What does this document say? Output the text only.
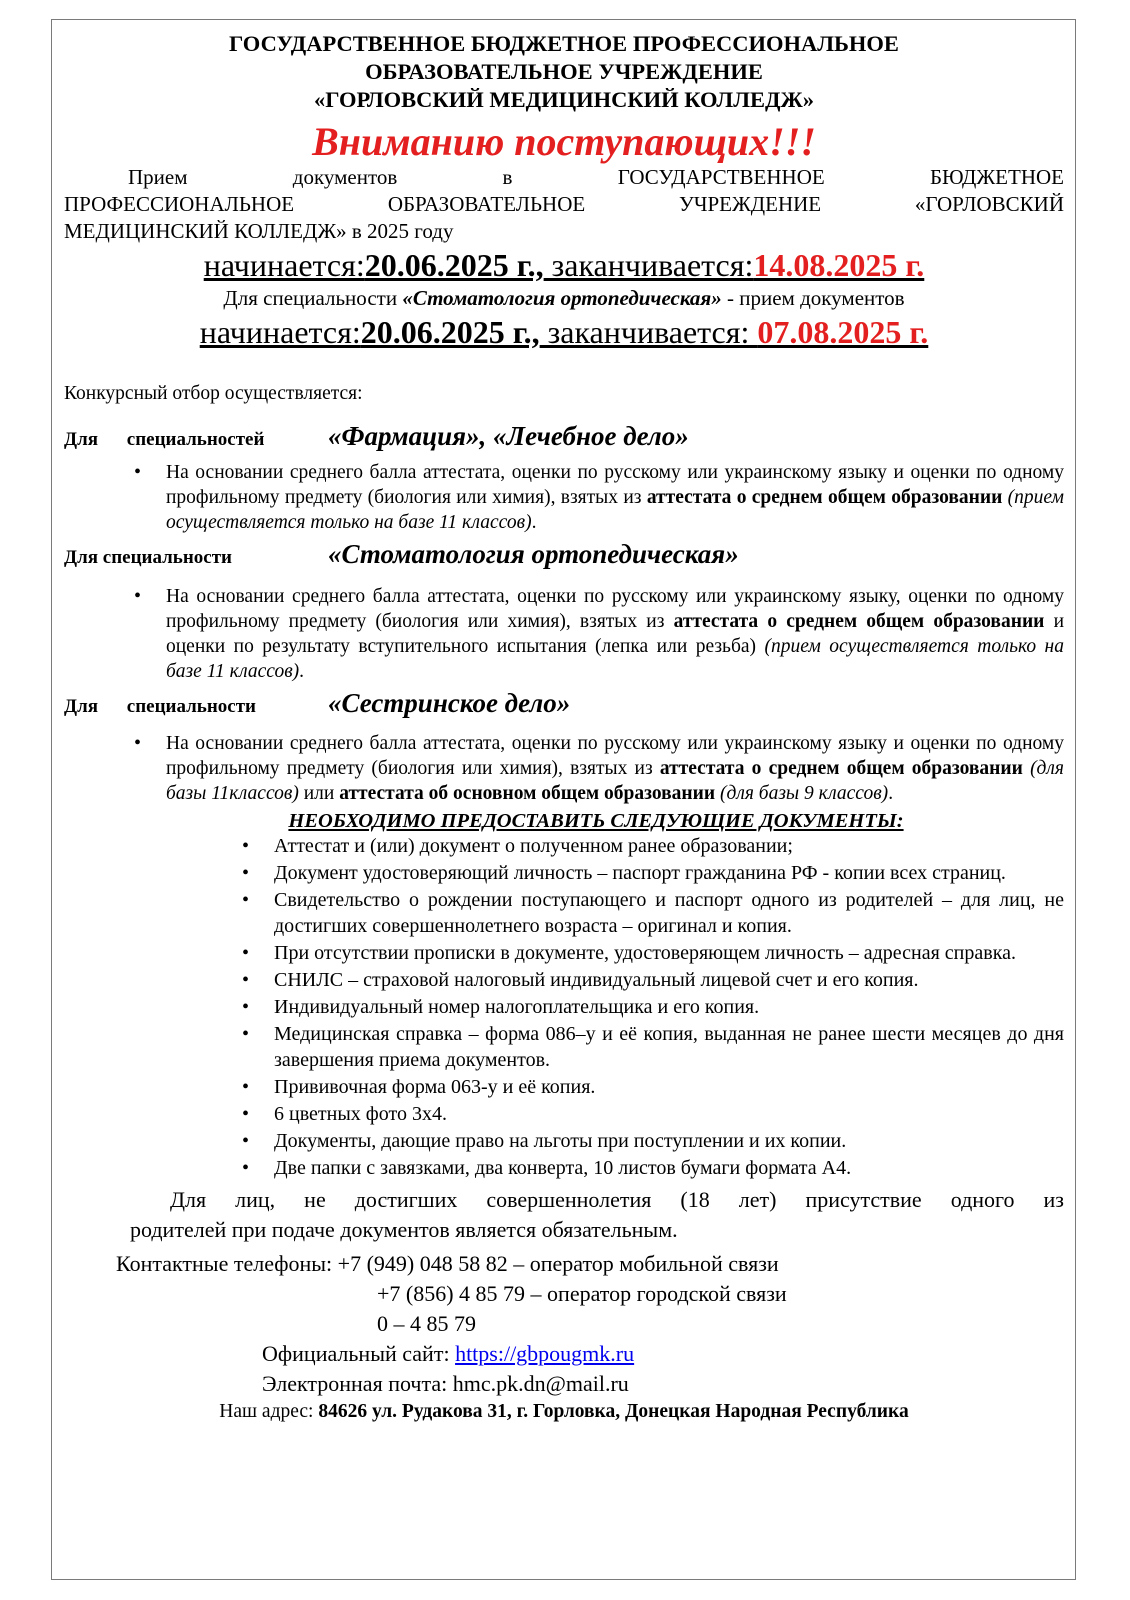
ГОСУДАРСТВЕННОЕ БЮДЖЕТНОЕ ПРОФЕССИОНАЛЬНОЕ
ОБРАЗОВАТЕЛЬНОЕ УЧРЕЖДЕНИЕ
«ГОРЛОВСКИЙ МЕДИЦИНСКИЙ КОЛЛЕДЖ»
Вниманию поступающих!!!
Прием документов в ГОСУДАРСТВЕННОЕ БЮДЖЕТНОЕ
ПРОФЕССИОНАЛЬНОЕ ОБРАЗОВАТЕЛЬНОЕ УЧРЕЖДЕНИЕ «ГОРЛОВСКИЙ
МЕДИЦИНСКИЙ КОЛЛЕДЖ» в 2025 году
начинается:20.06.2025 г., заканчивается:14.08.2025 г.
Для специальности «Стоматология ортопедическая» - прием документов
начинается:20.06.2025 г., заканчивается: 07.08.2025 г.
Конкурсный отбор осуществляется:
Для специальностей	«Фармация», «Лечебное дело»
• На основании среднего балла аттестата, оценки по русскому или украинскому языку и оценки по одному профильному предмету (биология или химия), взятых из аттестата о среднем общем образовании (прием осуществляется только на базе 11 классов).
Для специальности	«Стоматология ортопедическая»
• На основании среднего балла аттестата, оценки по русскому или украинскому языку, оценки по одному профильному предмету (биология или химия), взятых из аттестата о среднем общем образовании и оценки по результату вступительного испытания (лепка или резьба) (прием осуществляется только на базе 11 классов).
Для специальности	«Сестринское дело»
• На основании среднего балла аттестата, оценки по русскому или украинскому языку и оценки по одному профильному предмету (биология или химия), взятых из аттестата о среднем общем образовании (для базы 11классов) или аттестата об основном общем образовании (для базы 9 классов).
НЕОБХОДИМО ПРЕДОСТАВИТЬ СЛЕДУЮЩИЕ ДОКУМЕНТЫ:
• Аттестат и (или) документ о полученном ранее образовании;
• Документ удостоверяющий личность – паспорт гражданина РФ - копии всех страниц.
• Свидетельство о рождении поступающего и паспорт одного из родителей – для лиц, не достигших совершеннолетнего возраста – оригинал и копия.
• При отсутствии прописки в документе, удостоверяющем личность – адресная справка.
• СНИЛС – страховой налоговый индивидуальный лицевой счет и его копия.
• Индивидуальный номер налогоплательщика и его копия.
• Медицинская справка – форма 086–у и её копия, выданная не ранее шести месяцев до дня завершения приема документов.
• Прививочная форма 063-у и её копия.
• 6 цветных фото 3х4.
• Документы, дающие право на льготы при поступлении и их копии.
• Две папки с завязками, два конверта, 10 листов бумаги формата А4.
Для лиц, не достигших совершеннолетия (18 лет) присутствие одного из
родителей при подаче документов является обязательным.
Контактные телефоны: +7 (949) 048 58 82 – оператор мобильной связи
+7 (856) 4 85 79 – оператор городской связи
0 – 4 85 79
Официальный сайт: https://gbpougmk.ru
Электронная почта: hmc.pk.dn@mail.ru
Наш адрес: 84626 ул. Рудакова 31, г. Горловка, Донецкая Народная Республика
